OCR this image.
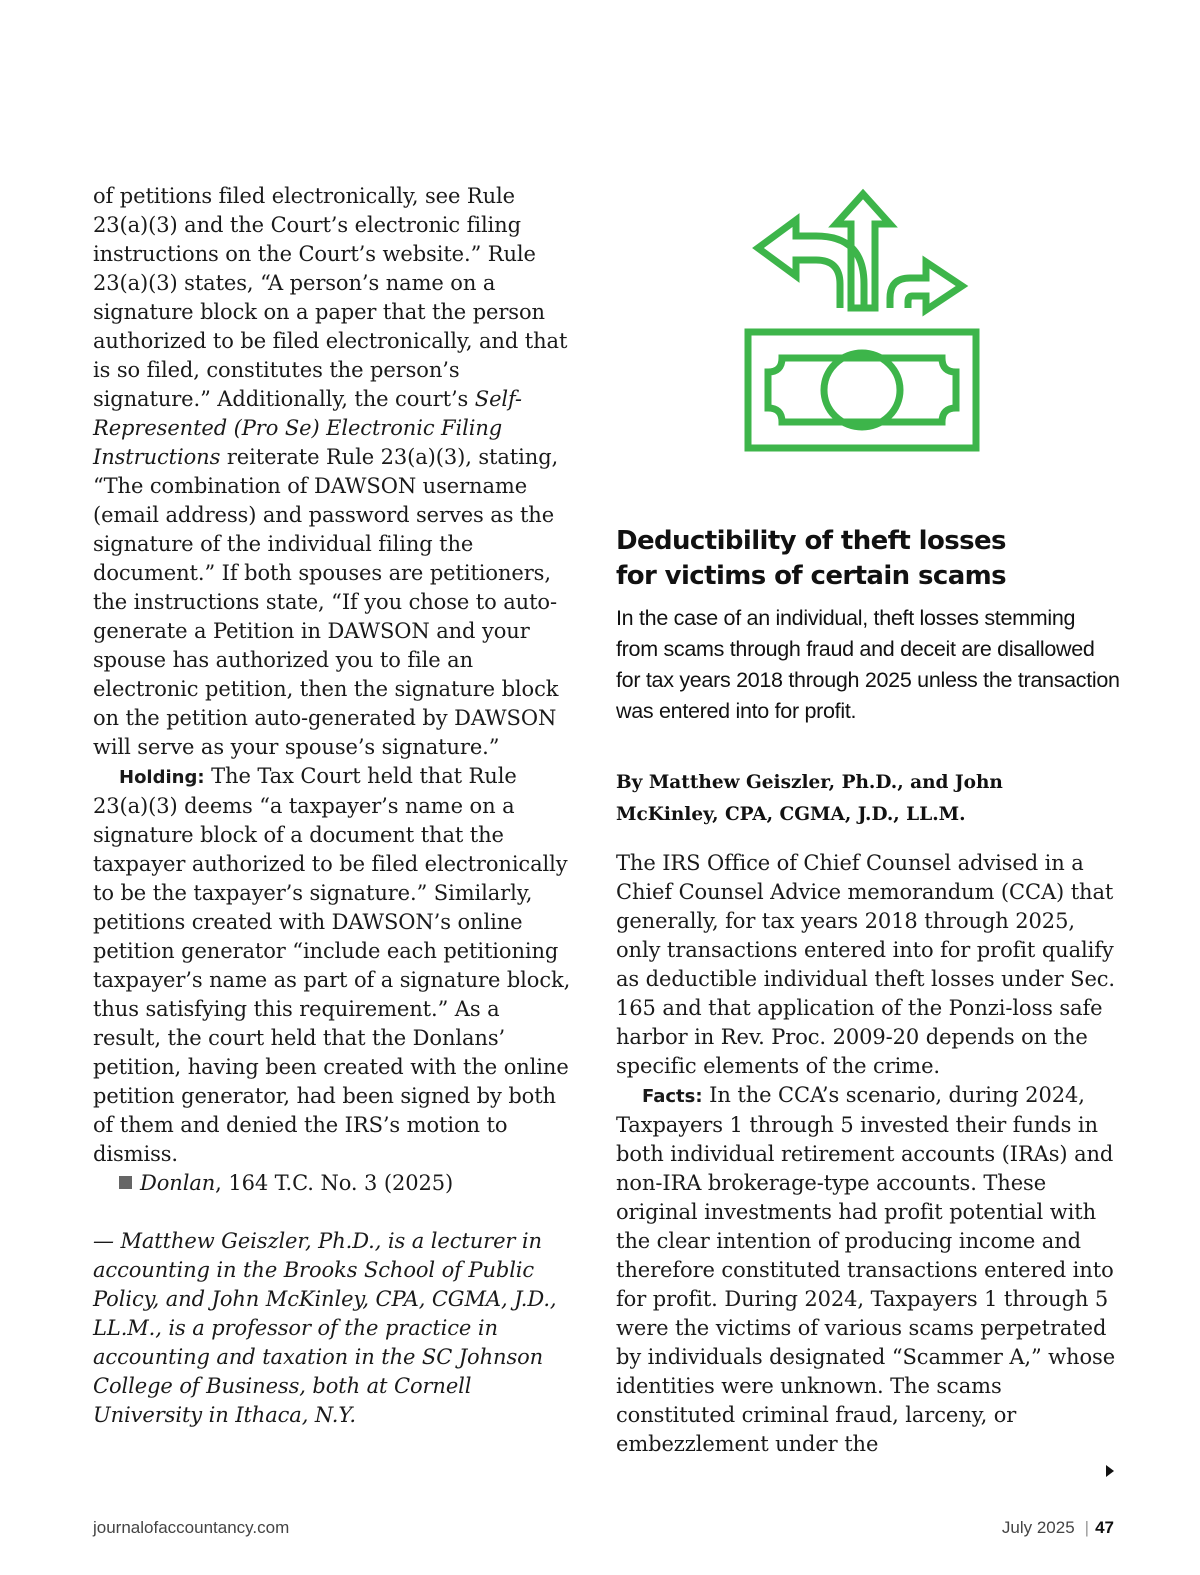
of petitions filed electronically, see Rule 23(a)(3) and the Court’s electronic filing instructions on the Court’s website.” Rule 23(a)(3) states, “A person’s name on a signature block on a paper that the person authorized to be filed electronically, and that is so filed, constitutes the person’s signature.” Additionally, the court’s Self-Represented (Pro Se) Electronic Filing Instructions reiterate Rule 23(a)(3), stating, “The combination of DAWSON username (email address) and password serves as the signature of the individual filing the document.” If both spouses are petitioners, the instructions state, “If you chose to auto-generate a Petition in DAWSON and your spouse has authorized you to file an electronic petition, then the signature block on the petition auto-generated by DAWSON will serve as your spouse’s signature.”

Holding: The Tax Court held that Rule 23(a)(3) deems “a taxpayer’s name on a signature block of a document that the taxpayer authorized to be filed electronically to be the taxpayer’s signature.” Similarly, petitions created with DAWSON’s online petition generator “include each petitioning taxpayer’s name as part of a signature block, thus satisfying this requirement.” As a result, the court held that the Donlans’ petition, having been created with the online petition generator, had been signed by both of them and denied the IRS’s motion to dismiss.

Donlan, 164 T.C. No. 3 (2025)

— Matthew Geiszler, Ph.D., is a lecturer in accounting in the Brooks School of Public Policy, and John McKinley, CPA, CGMA, J.D., LL.M., is a professor of the practice in accounting and taxation in the SC Johnson College of Business, both at Cornell University in Ithaca, N.Y.

Deductibility of theft losses
for victims of certain scams
In the case of an individual, theft losses stemming from scams through fraud and deceit are disallowed for tax years 2018 through 2025 unless the transaction was entered into for profit.
By Matthew Geiszler, Ph.D., and John
McKinley, CPA, CGMA, J.D., LL.M.

The IRS Office of Chief Counsel advised in a Chief Counsel Advice memorandum (CCA) that generally, for tax years 2018 through 2025, only transactions entered into for profit qualify as deductible individual theft losses under Sec. 165 and that application of the Ponzi-loss safe harbor in Rev. Proc. 2009-20 depends on the specific elements of the crime.

Facts: In the CCA’s scenario, during 2024, Taxpayers 1 through 5 invested their funds in both individual retirement accounts (IRAs) and non-IRA brokerage-type accounts. These original investments had profit potential with the clear intention of producing income and therefore constituted transactions entered into for profit. During 2024, Taxpayers 1 through 5 were the victims of various scams perpetrated by individuals designated “Scammer A,” whose identities were unknown. The scams constituted criminal fraud, larceny, or embezzlement under the

journalofaccountancy.com	July 2025 | 47
